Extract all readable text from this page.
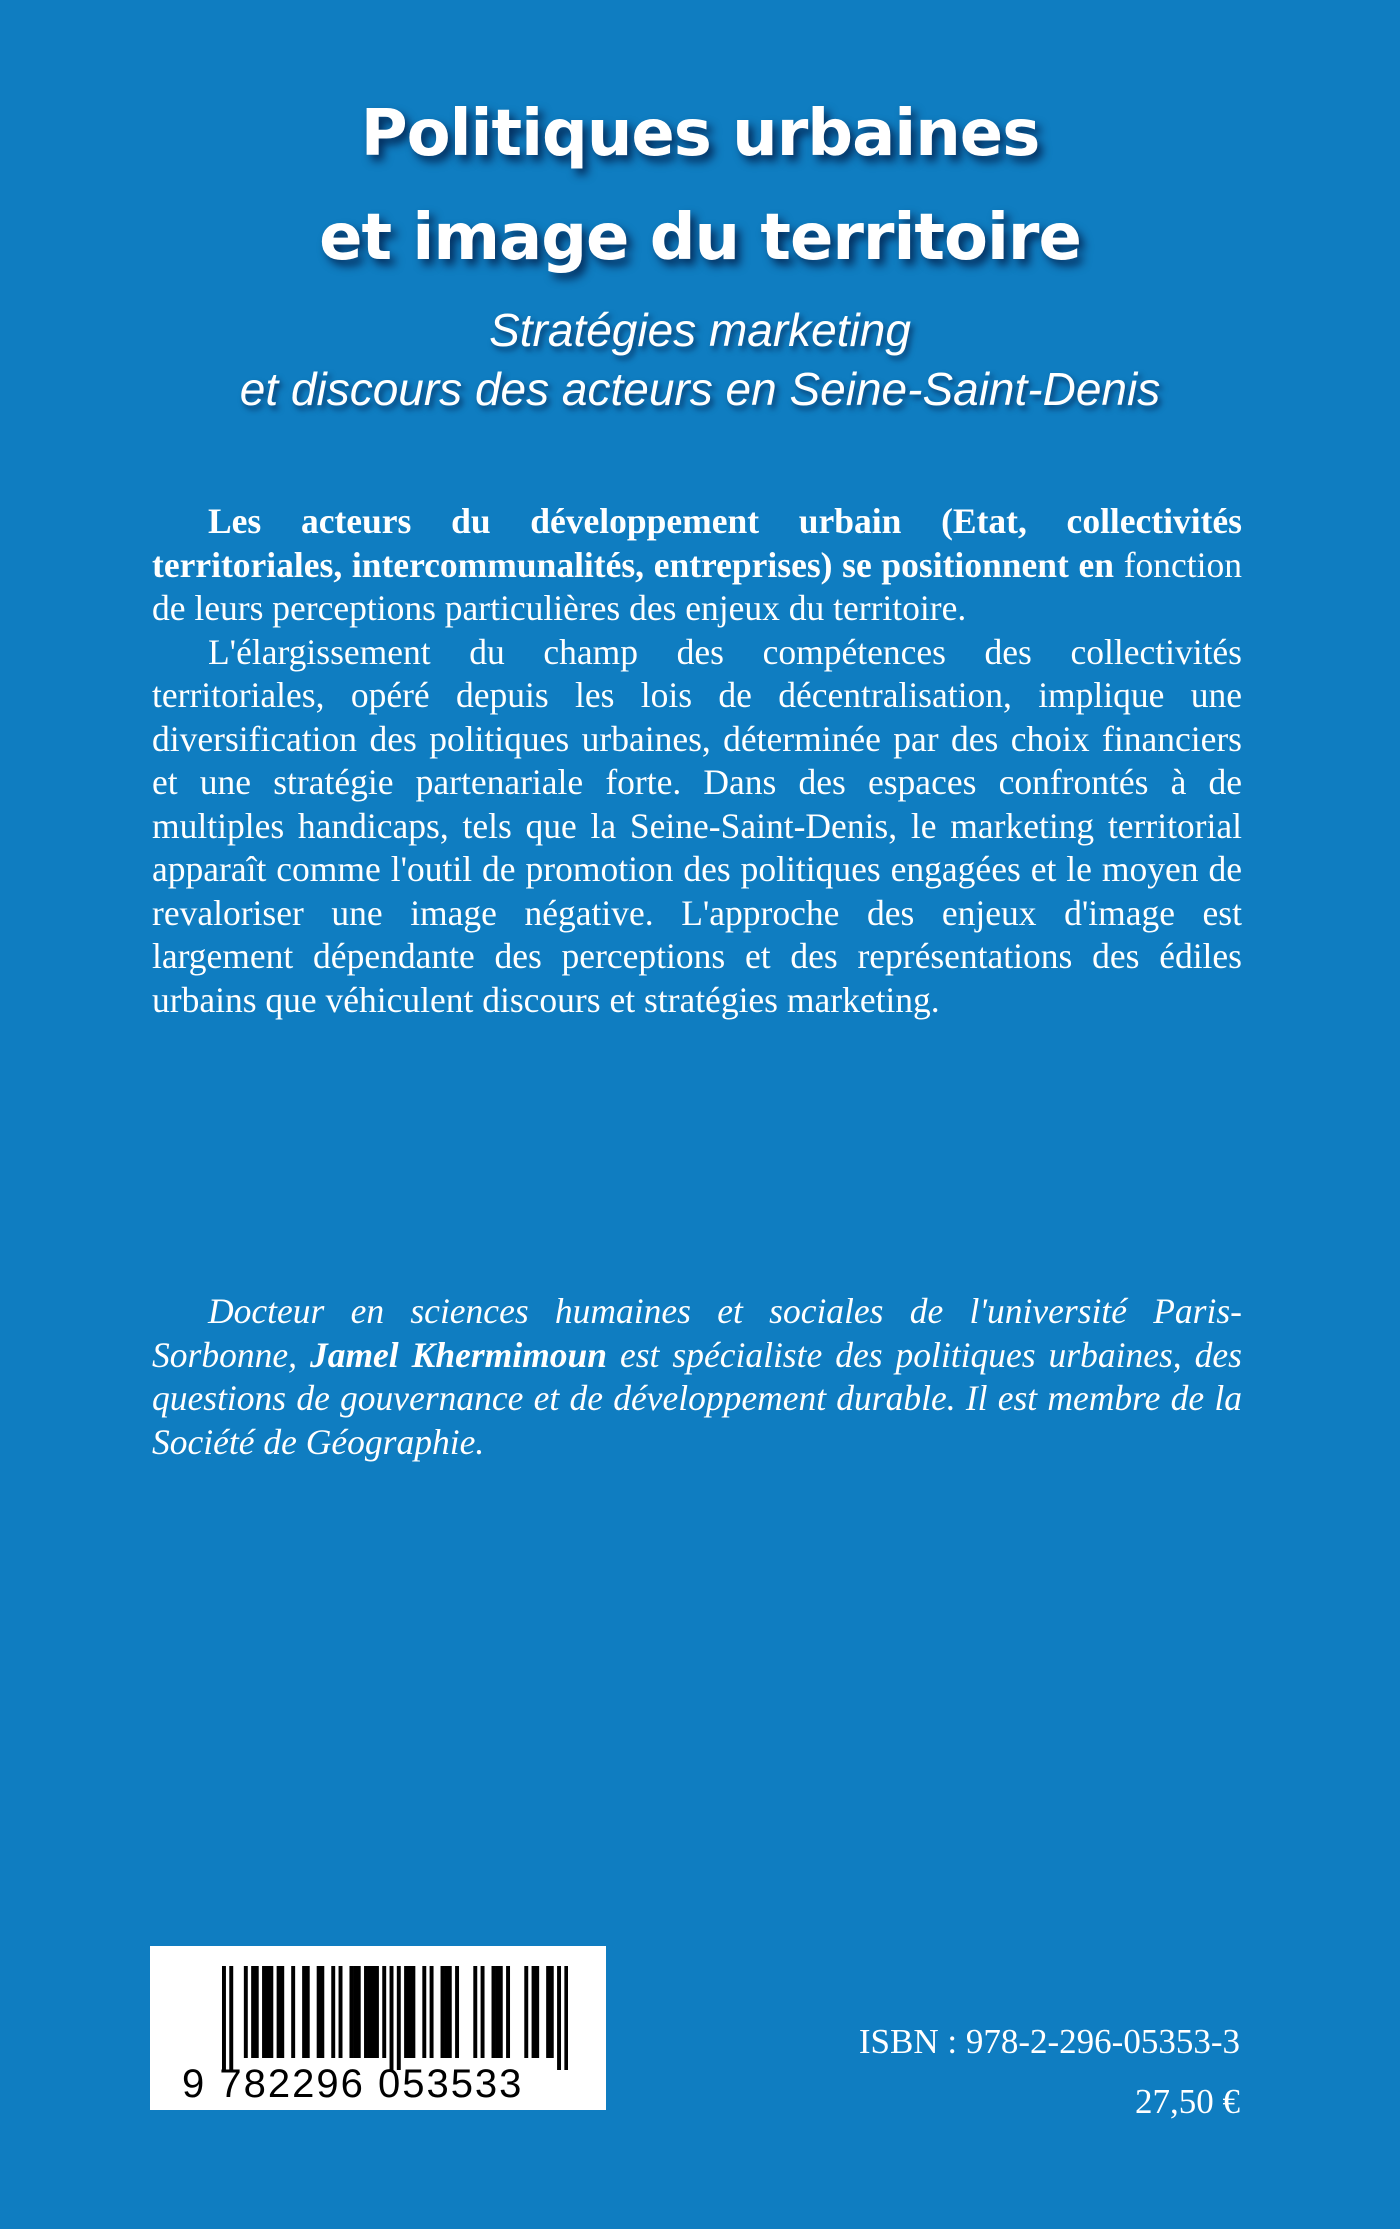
Politiques urbaines
et image du territoire
Stratégies marketing
et discours des acteurs en Seine-Saint-Denis

Les acteurs du développement urbain (Etat, collectivités territoriales, intercommunalités, entreprises) se positionnent en fonction de leurs perceptions particulières des enjeux du territoire.

L'élargissement du champ des compétences des collectivités territoriales, opéré depuis les lois de décentralisation, implique une diversification des politiques urbaines, déterminée par des choix financiers et une stratégie partenariale forte. Dans des espaces confrontés à de multiples handicaps, tels que la Seine-Saint-Denis, le marketing territorial apparaît comme l'outil de promotion des politiques engagées et le moyen de revaloriser une image négative. L'approche des enjeux d'image est largement dépendante des perceptions et des représentations des édiles urbains que véhiculent discours et stratégies marketing.

Docteur en sciences humaines et sociales de l'université Paris-Sorbonne, Jamel Khermimoun est spécialiste des politiques urbaines, des questions de gouvernance et de développement durable. Il est membre de la Société de Géographie.

9 782296 053533
ISBN : 978-2-296-05353-3
27,50 €
